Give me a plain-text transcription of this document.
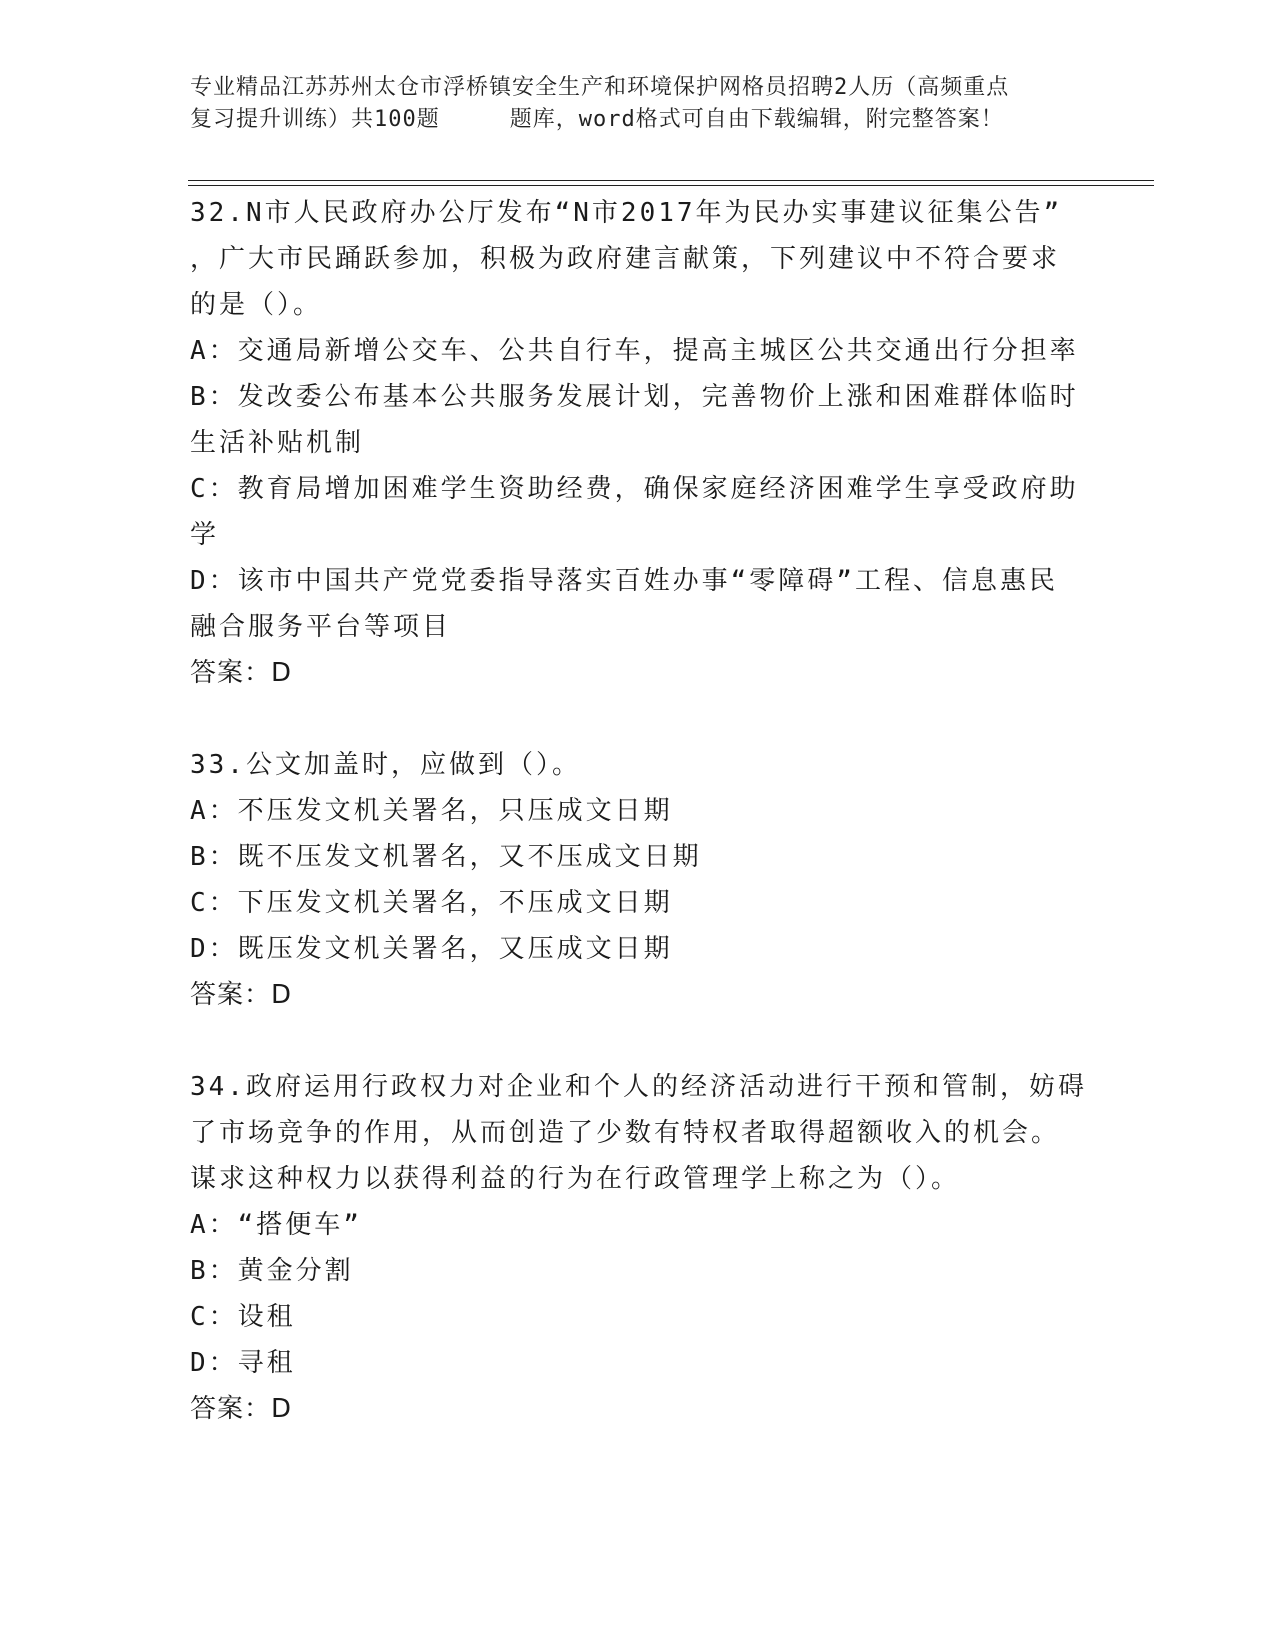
专业精品江苏苏州太仓市浮桥镇安全生产和环境保护网格员招聘2人历（高频重点

复习提升训练）共100题	题库，word格式可自由下载编辑，附完整答案！

32.N市人民政府办公厅发布“N市2017年为民办实事建议征集公告”

，广大市民踊跃参加，积极为政府建言献策，下列建议中不符合要求

的是（）。

A：交通局新增公交车、公共自行车，提高主城区公共交通出行分担率

B：发改委公布基本公共服务发展计划，完善物价上涨和困难群体临时

生活补贴机制

C：教育局增加困难学生资助经费，确保家庭经济困难学生享受政府助

学

D：该市中国共产党党委指导落实百姓办事“零障碍”工程、信息惠民

融合服务平台等项目

答案：D

33.公文加盖时，应做到（）。

A：不压发文机关署名，只压成文日期

B：既不压发文机署名，又不压成文日期

C：下压发文机关署名，不压成文日期

D：既压发文机关署名，又压成文日期

答案：D

34.政府运用行政权力对企业和个人的经济活动进行干预和管制，妨碍

了市场竞争的作用，从而创造了少数有特权者取得超额收入的机会。

谋求这种权力以获得利益的行为在行政管理学上称之为（）。

A：“搭便车”

B：黄金分割

C：设租

D：寻租

答案：D
